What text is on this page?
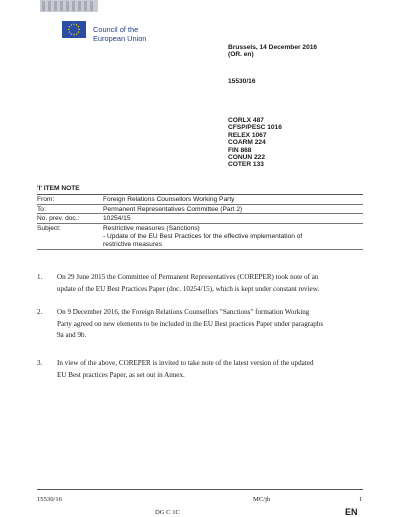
Council of the
European Union
Brussels, 14 December 2016
(OR. en)
15530/16
CORLX 487
CFSP/PESC 1016
RELEX 1067
COARM 224
FIN 868
CONUN 222
COTER 133
'I' ITEM NOTE
From:	Foreign Relations Counsellors Working Party
To:	Permanent Representatives Committee (Part 2)
No. prev. doc.:	10254/15
Subject:	Restrictive measures (Sanctions)
- Update of the EU Best Practices for the effective implementation of
restrictive measures
1.	On 29 June 2015 the Committee of Permanent Representatives (COREPER) took note of an
update of the EU Best Practices Paper (doc. 10254/15), which is kept under constant review.
2.	On 9 December 2016, the Foreign Relations Counsellors "Sanctions" formation Working
Party agreed on new elements to be included in the EU Best practices Paper under paragraphs
9a and 9b.
3.	In view of the above, COREPER is invited to take note of the latest version of the updated
EU Best practices Paper, as set out in Annex.
15530/16	MC/jh	1
DG C 1C	EN
